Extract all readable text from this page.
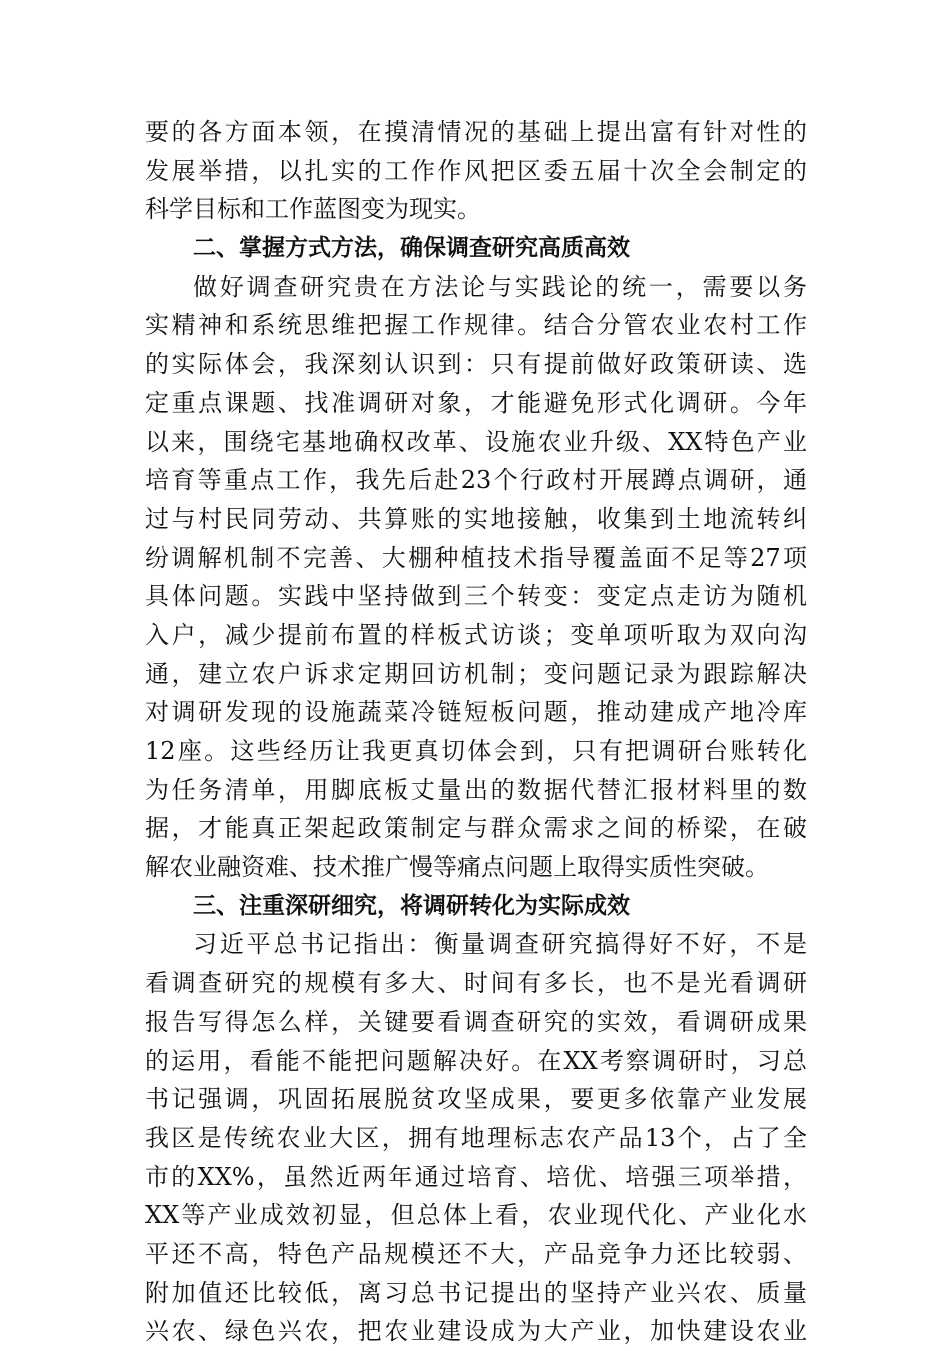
要的各方面本领，在摸清情况的基础上提出富有针对性的
发展举措，以扎实的工作作风把区委五届十次全会制定的
科学目标和工作蓝图变为现实。
二、掌握方式方法，确保调查研究高质高效
做好调查研究贵在方法论与实践论的统一，需要以务
实精神和系统思维把握工作规律。结合分管农业农村工作
的实际体会，我深刻认识到：只有提前做好政策研读、选
定重点课题、找准调研对象，才能避免形式化调研。今年
以来，围绕宅基地确权改革、设施农业升级、XX特色产业
培育等重点工作，我先后赴23个行政村开展蹲点调研，通
过与村民同劳动、共算账的实地接触，收集到土地流转纠
纷调解机制不完善、大棚种植技术指导覆盖面不足等27项
具体问题。实践中坚持做到三个转变：变定点走访为随机
入户，减少提前布置的样板式访谈；变单项听取为双向沟
通，建立农户诉求定期回访机制；变问题记录为跟踪解决
对调研发现的设施蔬菜冷链短板问题，推动建成产地冷库
12座。这些经历让我更真切体会到，只有把调研台账转化
为任务清单，用脚底板丈量出的数据代替汇报材料里的数
据，才能真正架起政策制定与群众需求之间的桥梁，在破
解农业融资难、技术推广慢等痛点问题上取得实质性突破。
三、注重深研细究，将调研转化为实际成效
习近平总书记指出：衡量调查研究搞得好不好，不是
看调查研究的规模有多大、时间有多长，也不是光看调研
报告写得怎么样，关键要看调查研究的实效，看调研成果
的运用，看能不能把问题解决好。在XX考察调研时，习总
书记强调，巩固拓展脱贫攻坚成果，要更多依靠产业发展
我区是传统农业大区，拥有地理标志农产品13个，占了全
市的XX%，虽然近两年通过培育、培优、培强三项举措，
XX等产业成效初显，但总体上看，农业现代化、产业化水
平还不高，特色产品规模还不大，产品竞争力还比较弱、
附加值还比较低，离习总书记提出的坚持产业兴农、质量
兴农、绿色兴农，把农业建设成为大产业，加快建设农业
